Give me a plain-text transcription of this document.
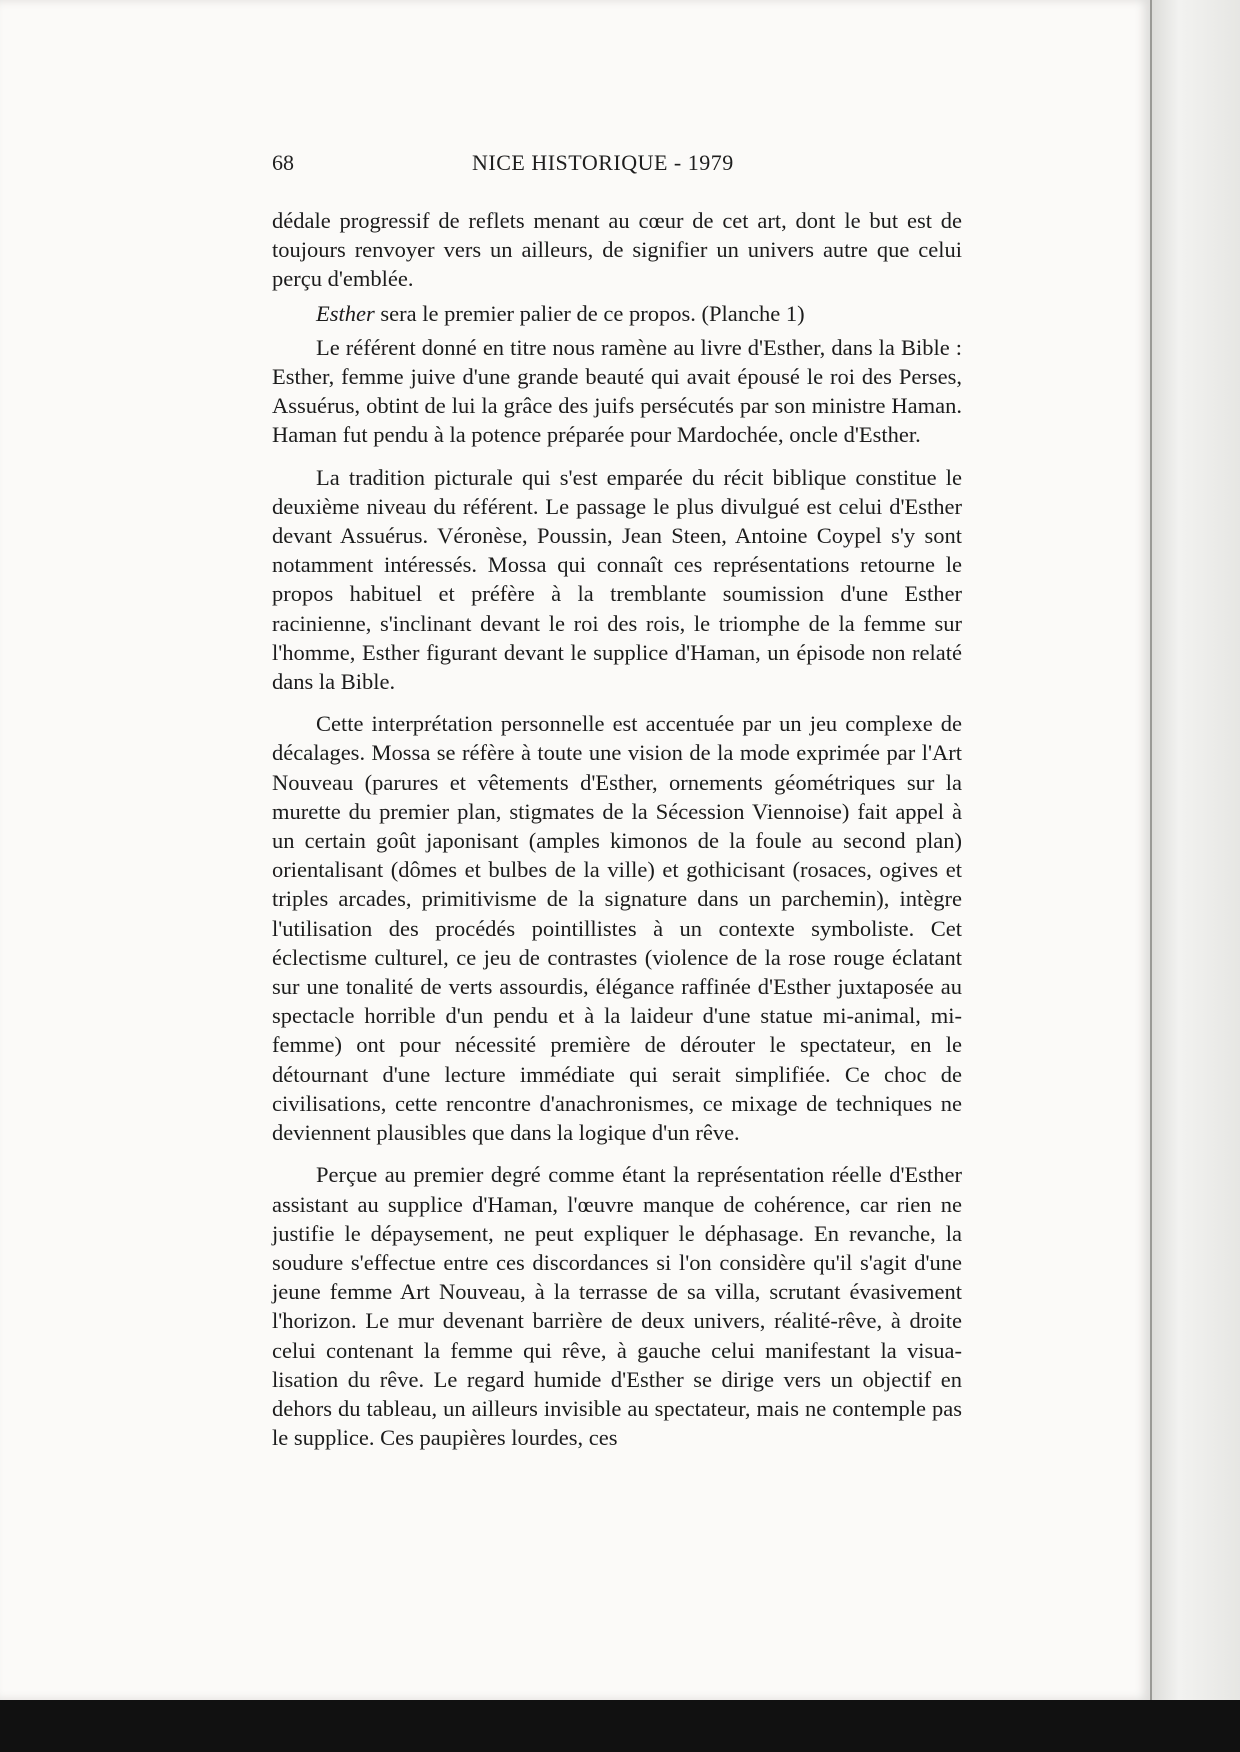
68	NICE HISTORIQUE - 1979

dédale progressif de reflets menant au cœur de cet art, dont le but est de toujours renvoyer vers un ailleurs, de signifier un univers autre que celui perçu d'emblée.

Esther sera le premier palier de ce propos. (Planche 1)

Le référent donné en titre nous ramène au livre d'Esther, dans la Bible : Esther, femme juive d'une grande beauté qui avait épousé le roi des Perses, Assuérus, obtint de lui la grâce des juifs persécutés par son ministre Haman. Haman fut pendu à la potence préparée pour Mardochée, oncle d'Esther.

La tradition picturale qui s'est emparée du récit biblique constitue le deuxième niveau du référent. Le passage le plus divulgué est celui d'Esther devant Assuérus. Véronèse, Poussin, Jean Steen, Antoine Coypel s'y sont notamment intéressés. Mossa qui connaît ces représentations retourne le propos habituel et préfère à la tremblante soumission d'une Esther racinienne, s'inclinant devant le roi des rois, le triomphe de la femme sur l'homme, Esther figurant devant le supplice d'Haman, un épisode non relaté dans la Bible.

Cette interprétation personnelle est accentuée par un jeu complexe de décalages. Mossa se réfère à toute une vision de la mode exprimée par l'Art Nouveau (parures et vêtements d'Esther, ornements géométriques sur la murette du premier plan, stigmates de la Sécession Viennoise) fait appel à un certain goût japonisant (amples kimonos de la foule au second plan) orientalisant (dômes et bulbes de la ville) et gothicisant (rosaces, ogives et triples arcades, primitivisme de la signature dans un parchemin), intègre l'utilisation des procédés pointillistes à un contexte symboliste. Cet éclectisme culturel, ce jeu de contrastes (violence de la rose rouge éclatant sur une tonalité de verts assourdis, élégance raffinée d'Esther juxtaposée au spectacle horrible d'un pendu et à la laideur d'une statue mi-animal, mi-femme) ont pour nécessité première de dérouter le spectateur, en le détournant d'une lecture immédiate qui serait simplifiée. Ce choc de civilisations, cette rencontre d'anachronismes, ce mixage de techniques ne deviennent plausibles que dans la logique d'un rêve.

Perçue au premier degré comme étant la représentation réelle d'Esther assistant au supplice d'Haman, l'œuvre manque de cohérence, car rien ne justifie le dépaysement, ne peut expliquer le déphasage. En revanche, la soudure s'effectue entre ces discordances si l'on considère qu'il s'agit d'une jeune femme Art Nouveau, à la terrasse de sa villa, scrutant évasivement l'horizon. Le mur devenant barrière de deux univers, réalité-rêve, à droite celui contenant la femme qui rêve, à gauche celui manifestant la visualisation du rêve. Le regard humide d'Esther se dirige vers un objectif en dehors du tableau, un ailleurs invisible au spectateur, mais ne contemple pas le supplice. Ces paupières lourdes, ces
